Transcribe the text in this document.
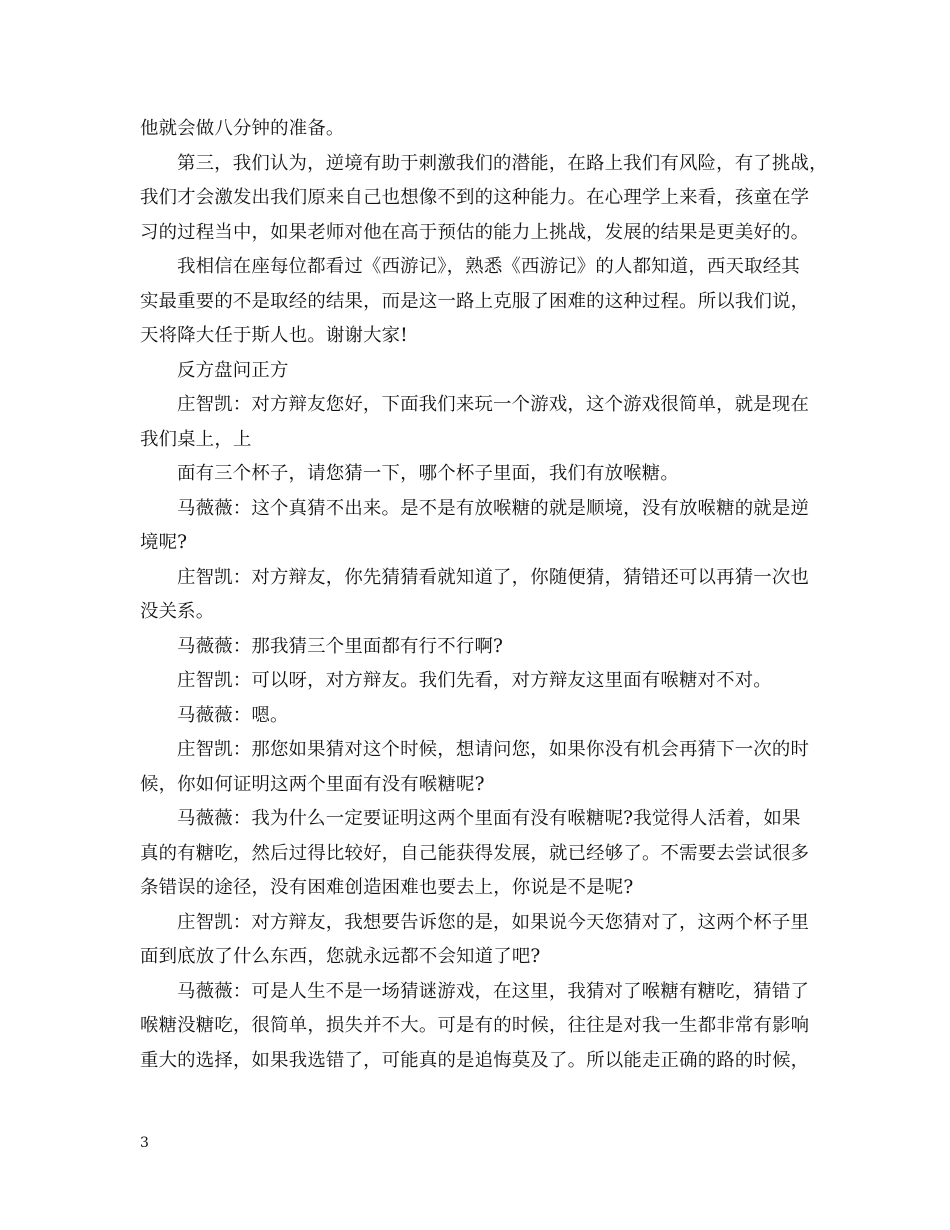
他就会做八分钟的准备。
第三，我们认为，逆境有助于刺激我们的潜能，在路上我们有风险，有了挑战，
我们才会激发出我们原来自己也想像不到的这种能力。在心理学上来看，孩童在学
习的过程当中，如果老师对他在高于预估的能力上挑战，发展的结果是更美好的。
我相信在座每位都看过《西游记》，熟悉《西游记》的人都知道，西天取经其
实最重要的不是取经的结果，而是这一路上克服了困难的这种过程。所以我们说，
天将降大任于斯人也。谢谢大家!
反方盘问正方
庄智凯：对方辩友您好，下面我们来玩一个游戏，这个游戏很简单，就是现在
我们桌上，上
面有三个杯子，请您猜一下，哪个杯子里面，我们有放喉糖。
马薇薇：这个真猜不出来。是不是有放喉糖的就是顺境，没有放喉糖的就是逆
境呢?
庄智凯：对方辩友，你先猜猜看就知道了，你随便猜，猜错还可以再猜一次也
没关系。
马薇薇：那我猜三个里面都有行不行啊?
庄智凯：可以呀，对方辩友。我们先看，对方辩友这里面有喉糖对不对。
马薇薇：嗯。
庄智凯：那您如果猜对这个时候，想请问您，如果你没有机会再猜下一次的时
候，你如何证明这两个里面有没有喉糖呢?
马薇薇：我为什么一定要证明这两个里面有没有喉糖呢?我觉得人活着，如果
真的有糖吃，然后过得比较好，自己能获得发展，就已经够了。不需要去尝试很多
条错误的途径，没有困难创造困难也要去上，你说是不是呢?
庄智凯：对方辩友，我想要告诉您的是，如果说今天您猜对了，这两个杯子里
面到底放了什么东西，您就永远都不会知道了吧?
马薇薇：可是人生不是一场猜谜游戏，在这里，我猜对了喉糖有糖吃，猜错了
喉糖没糖吃，很简单，损失并不大。可是有的时候，往往是对我一生都非常有影响
重大的选择，如果我选错了，可能真的是追悔莫及了。所以能走正确的路的时候，
3
